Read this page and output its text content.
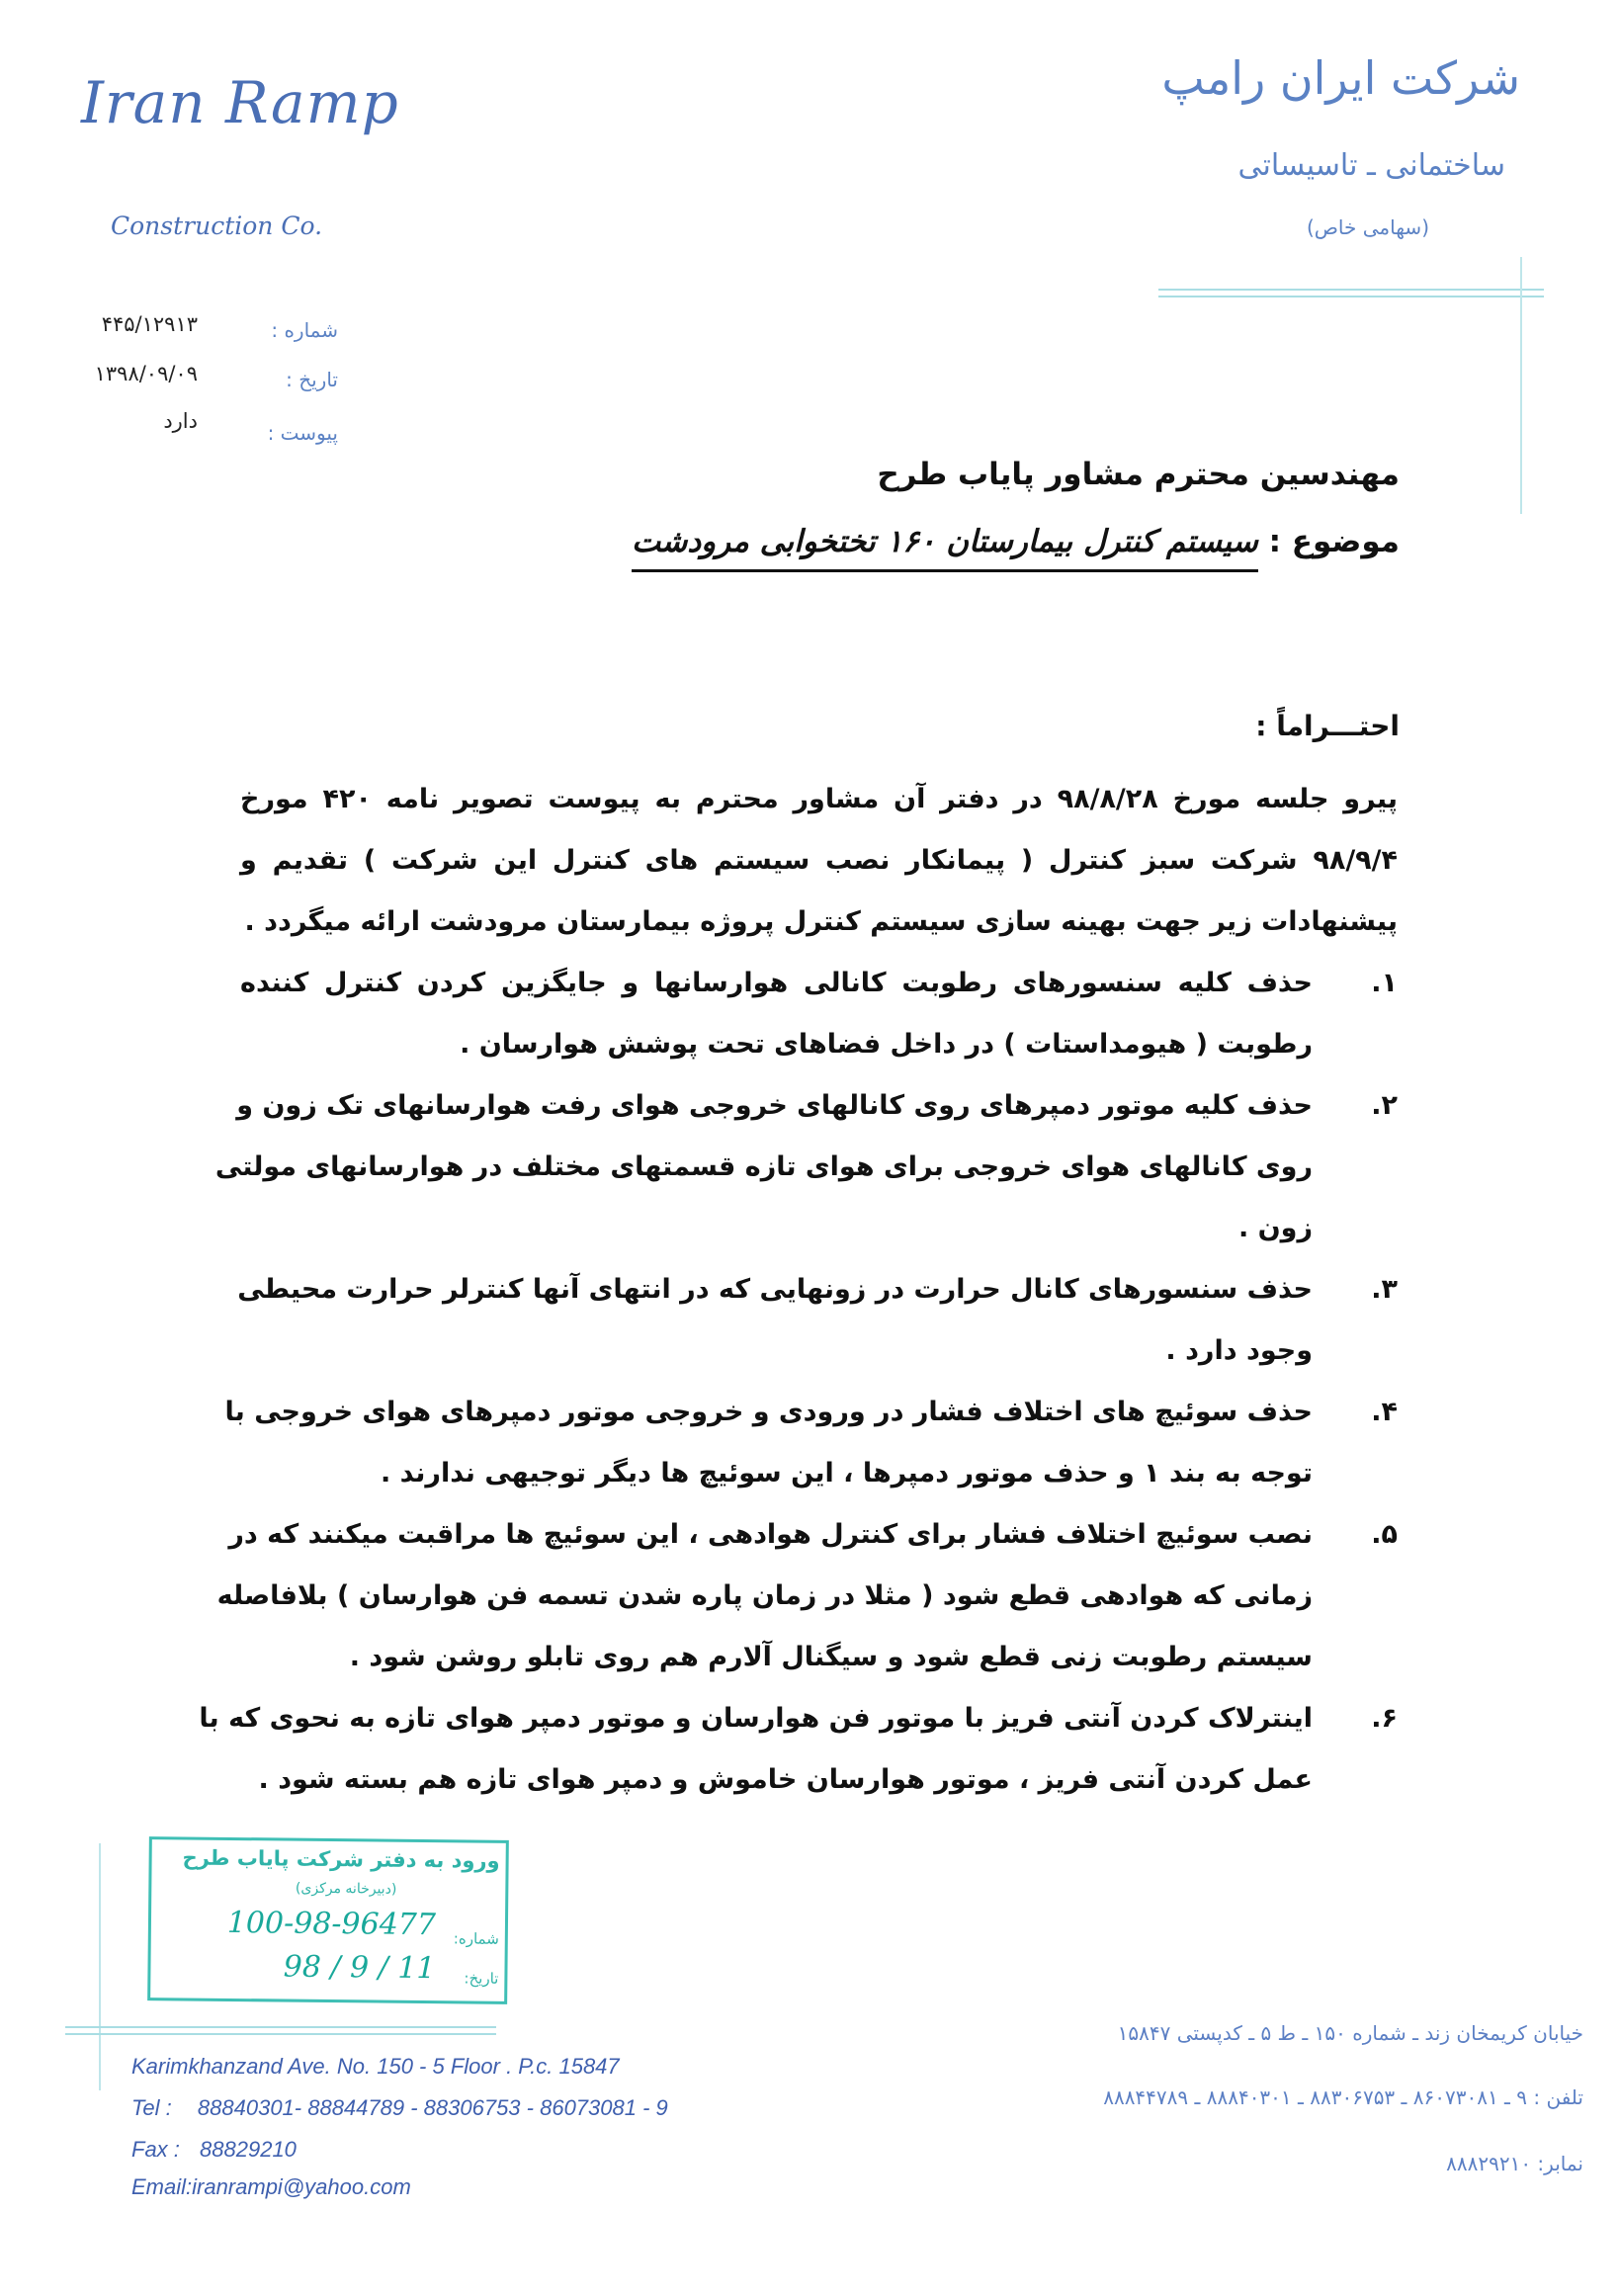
Iran Ramp
Construction Co.
شرکت ایران رامپ
ساختمانی ـ تاسیساتی
(سهامی خاص)
شماره :
۴۴۵/۱۲۹۱۳
تاریخ :
۱۳۹۸/۰۹/۰۹
پیوست :
دارد
مهندسین محترم مشاور پایاب طرح
موضوع : سیستم کنترل بیمارستان ۱۶۰ تختخوابی مرودشت
احتـــراماً :
پیرو جلسه مورخ ۹۸/۸/۲۸ در دفتر آن مشاور محترم به پیوست تصویر نامه ۴۲۰ مورخ
۹۸/۹/۴ شرکت سبز کنترل ( پیمانکار نصب سیستم های کنترل این شرکت ) تقدیم و
پیشنهادات زیر جهت بهینه سازی سیستم کنترل پروژه بیمارستان مرودشت ارائه میگردد .
۱.
حذف کلیه سنسورهای رطوبت کانالی هوارسانها و جایگزین کردن کنترل کننده
رطوبت ( هیومداستات ) در داخل فضاهای تحت پوشش هوارسان .
۲.
حذف کلیه موتور دمپرهای روی کانالهای خروجی هوای رفت هوارسانهای تک زون و
روی کانالهای هوای خروجی برای هوای تازه قسمتهای مختلف در هوارسانهای مولتی
زون .
۳.
حذف سنسورهای کانال حرارت در زونهایی که در انتهای آنها کنترلر حرارت محیطی
وجود دارد .
۴.
حذف سوئیچ های اختلاف فشار در ورودی و خروجی موتور دمپرهای هوای خروجی با
توجه به بند ۱ و حذف موتور دمپرها ، این سوئیچ ها دیگر توجیهی ندارند .
۵.
نصب سوئیچ اختلاف فشار برای کنترل هوادهی ، این سوئیچ ها مراقبت میکنند که در
زمانی که هوادهی قطع شود ( مثلا در زمان پاره شدن تسمه فن هوارسان ) بلافاصله
سیستم رطوبت زنی قطع شود و سیگنال آلارم هم روی تابلو روشن شود .
۶.
اینترلاک کردن آنتی فریز با موتور فن هوارسان و موتور دمپر هوای تازه به نحوی که با
عمل کردن آنتی فریز ، موتور هوارسان خاموش و دمپر هوای تازه هم بسته شود .
ورود به دفتر شرکت پایاب طرح
(دبیرخانه مرکزی)
شماره:
100-98-96477
تاریخ:
98 / 9 / 11
Karimkhanzand Ave. No. 150 - 5 Floor . P.c. 15847
Tel : 88840301- 88844789 - 88306753 - 86073081 - 9
Fax : 88829210
Email:iranrampi@yahoo.com
خیابان کریمخان زند ـ شماره ۱۵۰ ـ ط ۵ ـ کدپستی ۱۵۸۴۷
تلفن : ۹ ـ ۸۶۰۷۳۰۸۱ ـ ۸۸۳۰۶۷۵۳ ـ ۸۸۸۴۰۳۰۱ ـ ۸۸۸۴۴۷۸۹
نمابر: ۸۸۸۲۹۲۱۰
